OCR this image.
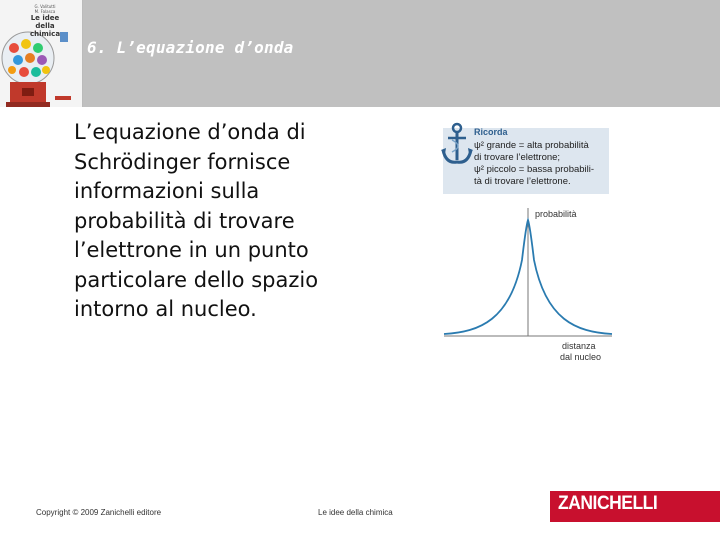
G. Valitutti
M. Falasca
Le idee
della
chimica
6. L’equazione d’onda
L’equazione d’onda di
Schrödinger fornisce
informazioni sulla
probabilità di trovare
l’elettrone in un punto
particolare dello spazio
intorno al nucleo.
Ricorda
ψ² grande = alta probabilità
di trovare l’elettrone;
ψ² piccolo = bassa probabili-
tà di trovare l’elettrone.
probabilità
distanza
dal nucleo
Copyright © 2009 Zanichelli editore	Le idee della chimica	ZANICHELLI
